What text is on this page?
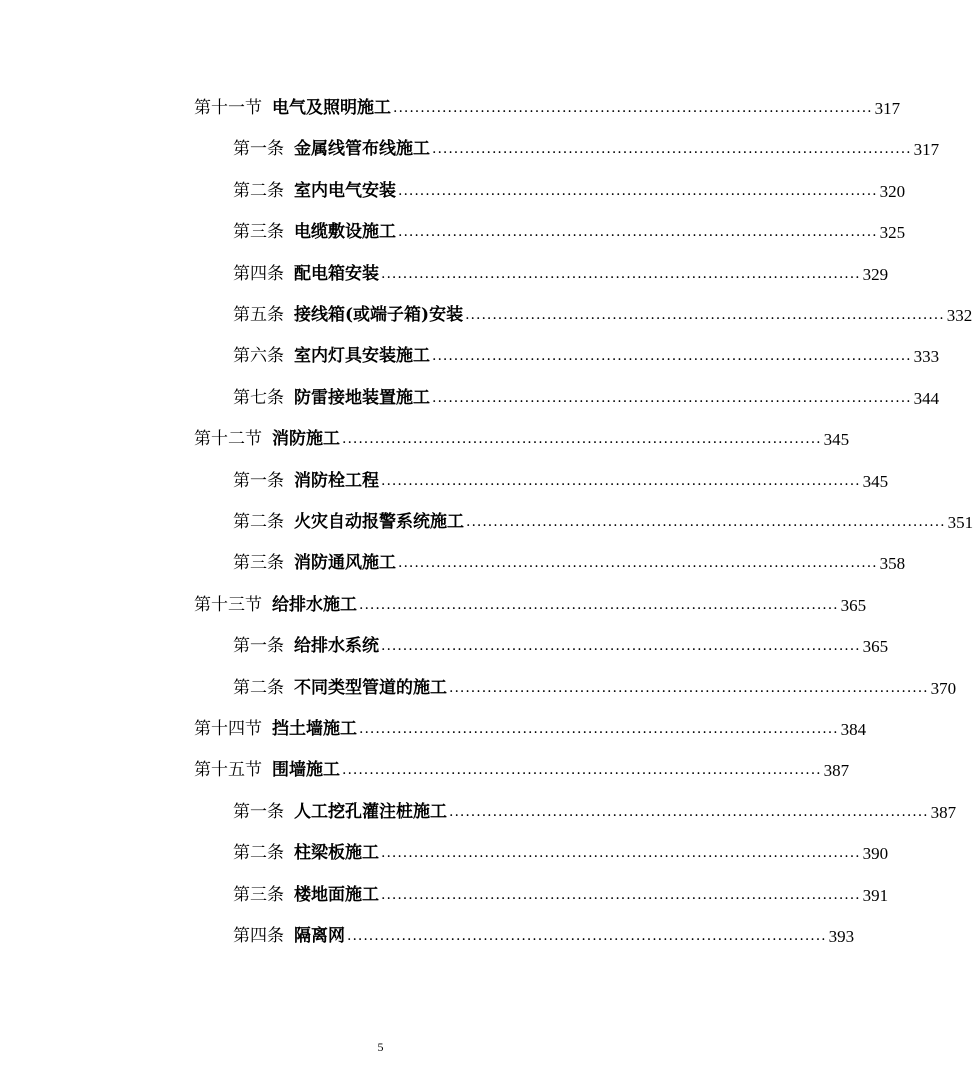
第十一节 电气及照明施工 ........................................................................................ 317
第一条 金属线管布线施工 ........................................................................................ 317
第二条 室内电气安装 ........................................................................................ 320
第三条 电缆敷设施工 ........................................................................................ 325
第四条 配电箱安装 ........................................................................................ 329
第五条 接线箱(或端子箱)安装 ........................................................................................ 332
第六条 室内灯具安装施工 ........................................................................................ 333
第七条 防雷接地装置施工 ........................................................................................ 344
第十二节 消防施工 ........................................................................................ 345
第一条 消防栓工程 ........................................................................................ 345
第二条 火灾自动报警系统施工 ........................................................................................ 351
第三条 消防通风施工 ........................................................................................ 358
第十三节 给排水施工 ........................................................................................ 365
第一条 给排水系统 ........................................................................................ 365
第二条 不同类型管道的施工 ........................................................................................ 370
第十四节 挡土墙施工 ........................................................................................ 384
第十五节 围墙施工 ........................................................................................ 387
第一条 人工挖孔灌注桩施工 ........................................................................................ 387
第二条 柱梁板施工 ........................................................................................ 390
第三条 楼地面施工 ........................................................................................ 391
第四条 隔离网 ........................................................................................ 393
5
